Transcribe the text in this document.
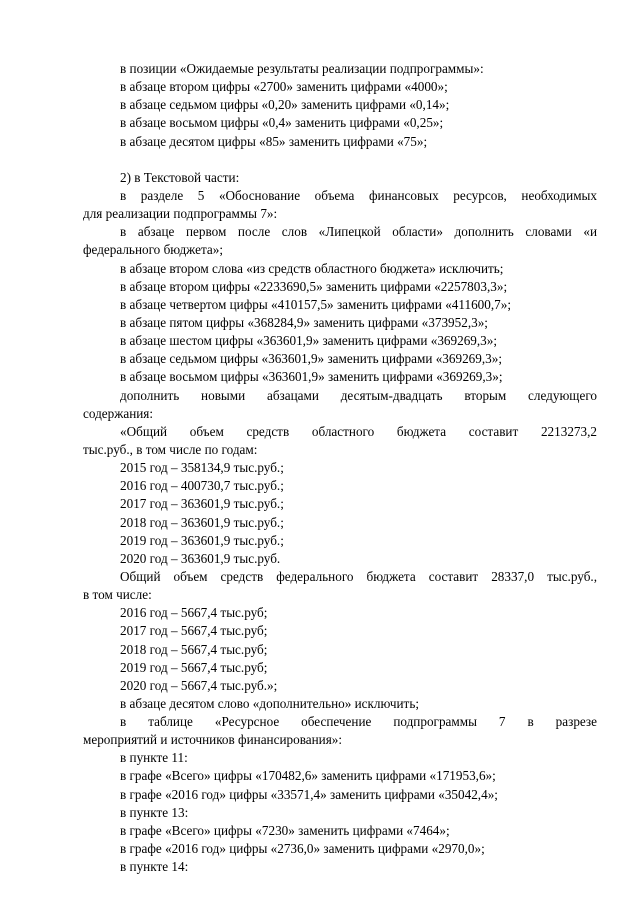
в позиции «Ожидаемые результаты реализации подпрограммы»:
в абзаце втором цифры «2700» заменить цифрами «4000»;
в абзаце седьмом цифры «0,20» заменить цифрами «0,14»;
в абзаце восьмом цифры «0,4» заменить цифрами «0,25»;
в абзаце десятом цифры «85» заменить цифрами «75»;
2) в Текстовой части:
в разделе 5 «Обоснование объема финансовых ресурсов, необходимых
для реализации подпрограммы 7»:
в абзаце первом после слов «Липецкой области» дополнить словами «и
федерального бюджета»;
в абзаце втором слова «из средств областного бюджета» исключить;
в абзаце втором цифры «2233690,5» заменить цифрами «2257803,3»;
в абзаце четвертом цифры «410157,5» заменить цифрами «411600,7»;
в абзаце пятом цифры «368284,9» заменить цифрами «373952,3»;
в абзаце шестом цифры «363601,9» заменить цифрами «369269,3»;
в абзаце седьмом цифры «363601,9» заменить цифрами «369269,3»;
в абзаце восьмом цифры «363601,9» заменить цифрами «369269,3»;
дополнить новыми абзацами десятым-двадцать вторым следующего
содержания:
«Общий объем средств областного бюджета составит 2213273,2
тыс.руб., в том числе по годам:
2015 год – 358134,9 тыс.руб.;
2016 год – 400730,7 тыс.руб.;
2017 год – 363601,9 тыс.руб.;
2018 год – 363601,9 тыс.руб.;
2019 год – 363601,9 тыс.руб.;
2020 год – 363601,9 тыс.руб.
Общий объем средств федерального бюджета составит 28337,0 тыс.руб.,
в том числе:
2016 год – 5667,4 тыс.руб;
2017 год – 5667,4 тыс.руб;
2018 год – 5667,4 тыс.руб;
2019 год – 5667,4 тыс.руб;
2020 год – 5667,4 тыс.руб.»;
в абзаце десятом слово «дополнительно» исключить;
в таблице «Ресурсное обеспечение подпрограммы 7 в разрезе
мероприятий и источников финансирования»:
в пункте 11:
в графе «Всего» цифры «170482,6» заменить цифрами «171953,6»;
в графе «2016 год» цифры «33571,4» заменить цифрами «35042,4»;
в пункте 13:
в графе «Всего» цифры «7230» заменить цифрами «7464»;
в графе «2016 год» цифры «2736,0» заменить цифрами «2970,0»;
в пункте 14:
